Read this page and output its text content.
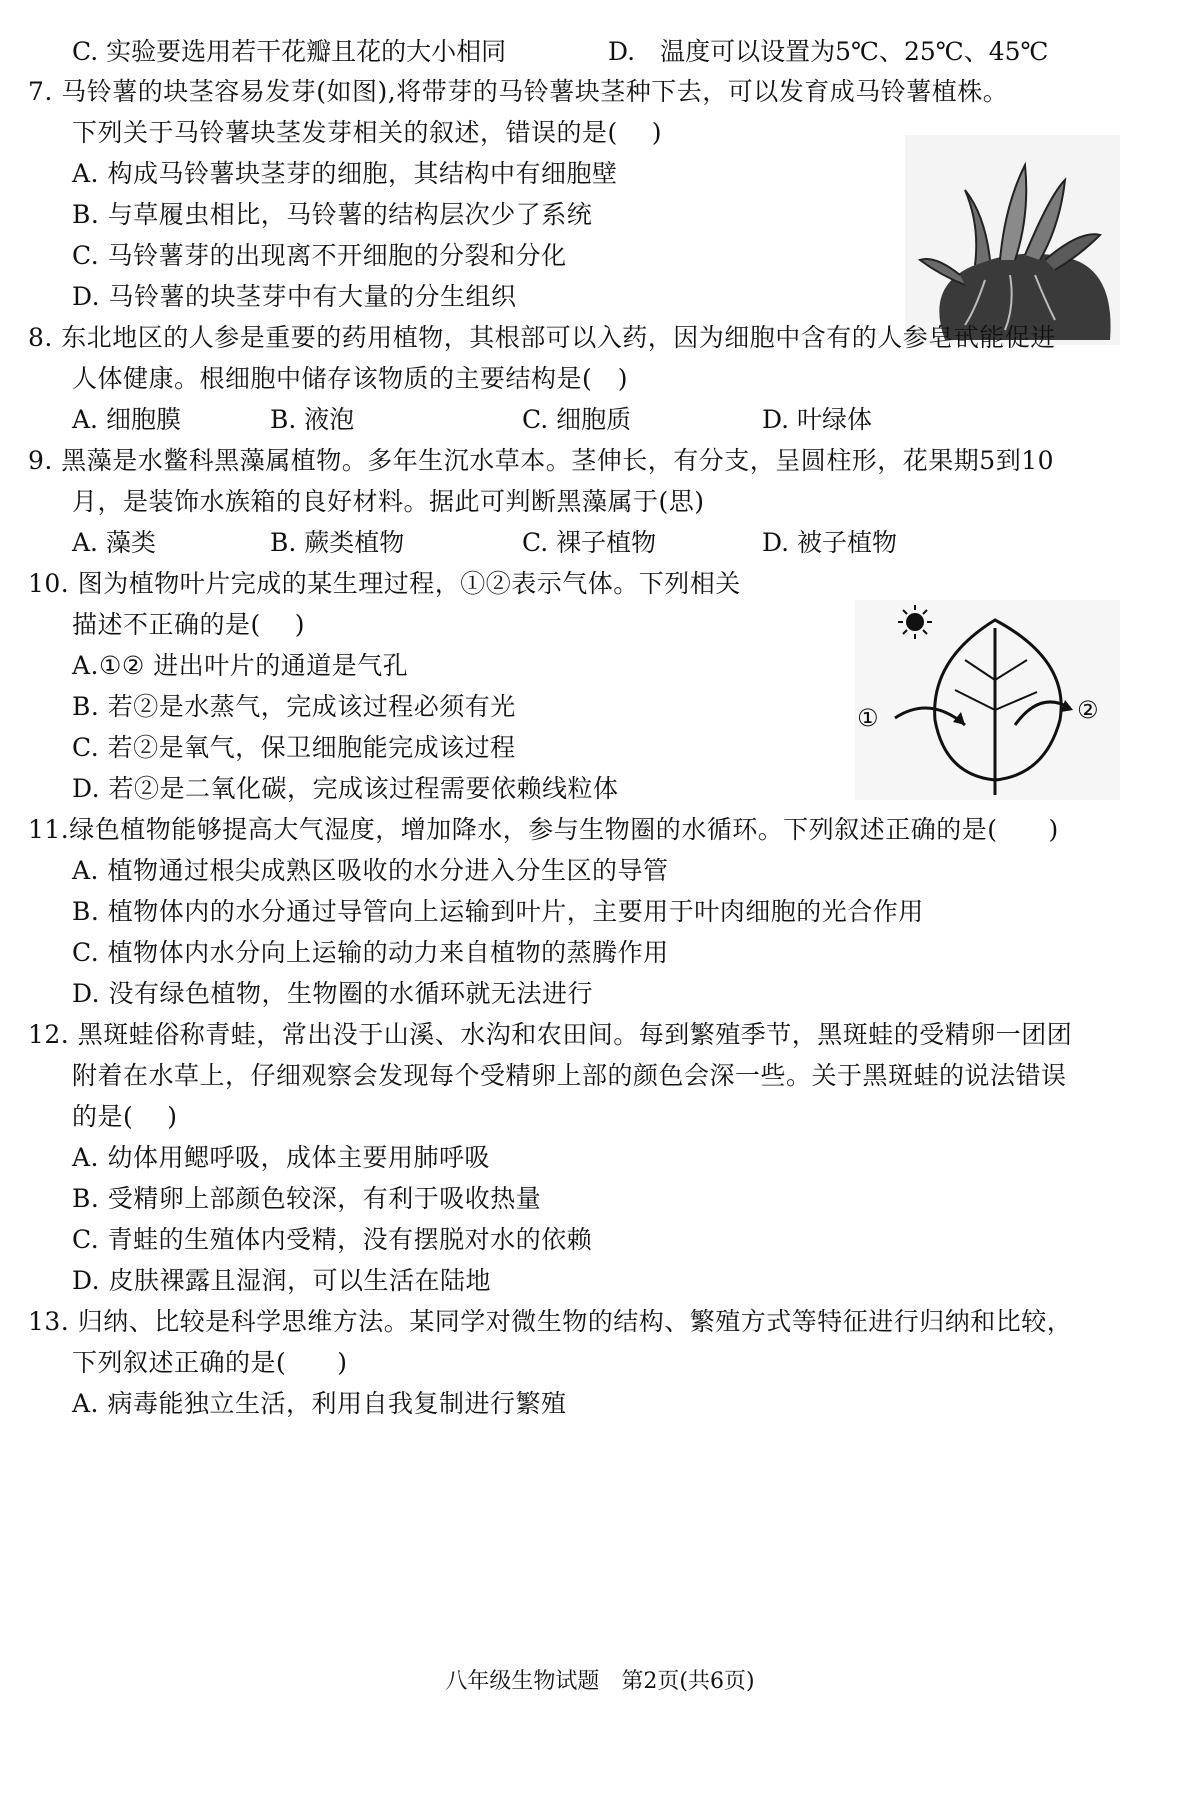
C. 实验要选用若干花瓣且花的大小相同	D.　温度可以设置为5℃、25℃、45℃
7. 马铃薯的块茎容易发芽(如图),将带芽的马铃薯块茎种下去，可以发育成马铃薯植株。
下列关于马铃薯块茎发芽相关的叙述，错误的是(　 )
A. 构成马铃薯块茎芽的细胞，其结构中有细胞壁
B. 与草履虫相比，马铃薯的结构层次少了系统
C. 马铃薯芽的出现离不开细胞的分裂和分化
D. 马铃薯的块茎芽中有大量的分生组织
8. 东北地区的人参是重要的药用植物，其根部可以入药，因为细胞中含有的人参皂甙能促进
人体健康。根细胞中储存该物质的主要结构是(　)
A. 细胞膜	B. 液泡	C. 细胞质	D. 叶绿体
9. 黑藻是水鳖科黑藻属植物。多年生沉水草本。茎伸长，有分支，呈圆柱形，花果期5到10
月，是装饰水族箱的良好材料。据此可判断黑藻属于(思)
A. 藻类	B. 蕨类植物	C. 裸子植物	D. 被子植物
10. 图为植物叶片完成的某生理过程，①②表示气体。下列相关
描述不正确的是(　 )
A.①② 进出叶片的通道是气孔
B. 若②是水蒸气，完成该过程必须有光
C. 若②是氧气，保卫细胞能完成该过程
D. 若②是二氧化碳，完成该过程需要依赖线粒体
①	②
11.绿色植物能够提高大气湿度，增加降水，参与生物圈的水循环。下列叙述正确的是(　　)
A. 植物通过根尖成熟区吸收的水分进入分生区的导管
B. 植物体内的水分通过导管向上运输到叶片，主要用于叶肉细胞的光合作用
C. 植物体内水分向上运输的动力来自植物的蒸腾作用
D. 没有绿色植物，生物圈的水循环就无法进行
12. 黑斑蛙俗称青蛙，常出没于山溪、水沟和农田间。每到繁殖季节，黑斑蛙的受精卵一团团
附着在水草上，仔细观察会发现每个受精卵上部的颜色会深一些。关于黑斑蛙的说法错误
的是(　 )
A. 幼体用鳃呼吸，成体主要用肺呼吸
B. 受精卵上部颜色较深，有利于吸收热量
C. 青蛙的生殖体内受精，没有摆脱对水的依赖
D. 皮肤裸露且湿润，可以生活在陆地
13. 归纳、比较是科学思维方法。某同学对微生物的结构、繁殖方式等特征进行归纳和比较，
下列叙述正确的是(　　)
A. 病毒能独立生活，利用自我复制进行繁殖
八年级生物试题　第2页(共6页)
